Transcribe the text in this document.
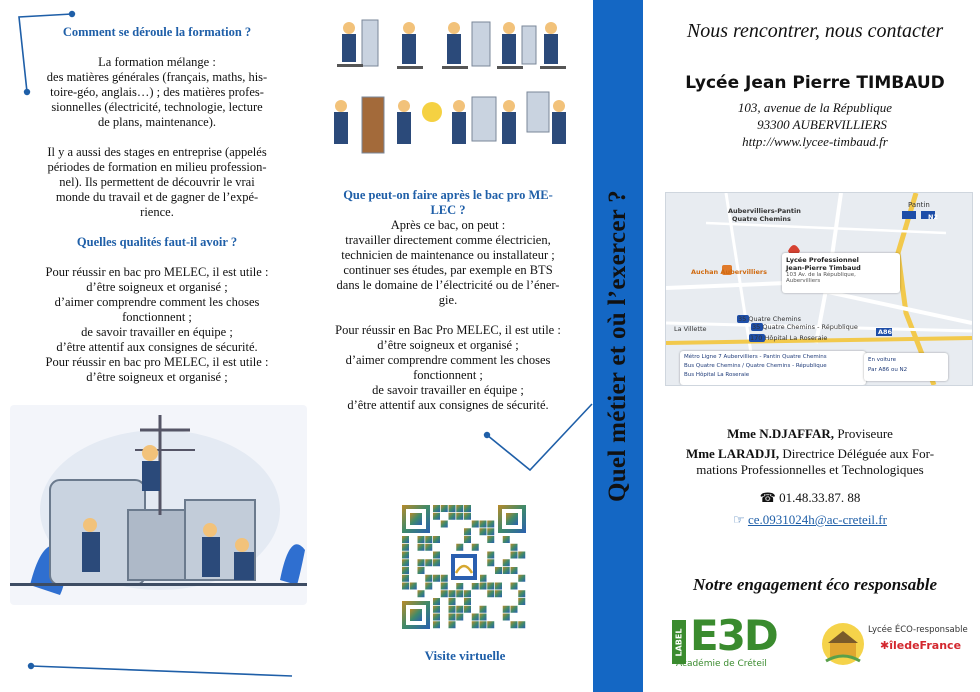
Comment se déroule la formation ?
La formation mélange :
des matières générales (français, maths, his-
toire-géo, anglais…) ; des matières profes-
sionnelles (électricité, technologie, lecture
de plans, maintenance).
Il y a aussi des stages en entreprise (appelés
périodes de formation en milieu profession-
nel). Ils permettent de découvrir le vrai
monde du travail et de gagner de l’expé-
rience.
Quelles qualités faut-il avoir ?
Pour réussir en bac pro MELEC, il est utile :
d’être soigneux et organisé ;
d’aimer comprendre comment les choses
fonctionnent ;
de savoir travailler en équipe ;
d’être attentif aux consignes de sécurité.
Pour réussir en bac pro MELEC, il est utile :
d’être soigneux et organisé ;
Que peut-on faire après le bac pro ME-
LEC ?
Après ce bac, on peut :
travailler directement comme électricien,
technicien de maintenance ou installateur ;
continuer ses études, par exemple en BTS
dans le domaine de l’électricité ou de l’éner-
gie.
Pour réussir en Bac Pro MELEC, il est utile :
d’être soigneux et organisé ;
d’aimer comprendre comment les choses
fonctionnent ;
de savoir travailler en équipe ;
d’être attentif aux consignes de sécurité.
Visite virtuelle
Quel métier et où l’exercer ?
Nous rencontrer, nous contacter
Lycée Jean Pierre TIMBAUD
103, avenue de la République
93300 AUBERVILLIERS
http://www.lycee-timbaud.fr
Aubervilliers-Pantin
Quatre Chemins
Pantin
Lycée Professionnel
Jean-Pierre Timbaud
103 Av. de la République,
Aubervilliers
Auchan Aubervilliers
La Villette
35 Quatre Chemins
35 Quatre Chemins - République
170 Hôpital La Roseraie
A86
N2
Métro Ligne 7 Aubervilliers - Pantin Quatre Chemins
Bus Quatre Chemins / Quatre Chemins - République
Bus Hôpital La Roseraie
En voiture
Par A86 ou N2
Mme N.DJAFFAR, Proviseure
Mme LARADJI, Directrice Déléguée aux For-
mations Professionnelles et Technologiques
☎ 01.48.33.87. 88
☞ ce.0931024h@ac-creteil.fr
Notre engagement éco responsable
LABEL E3D
Académie de Créteil
Lycée ÉCO-responsable
✱îledeFrance
